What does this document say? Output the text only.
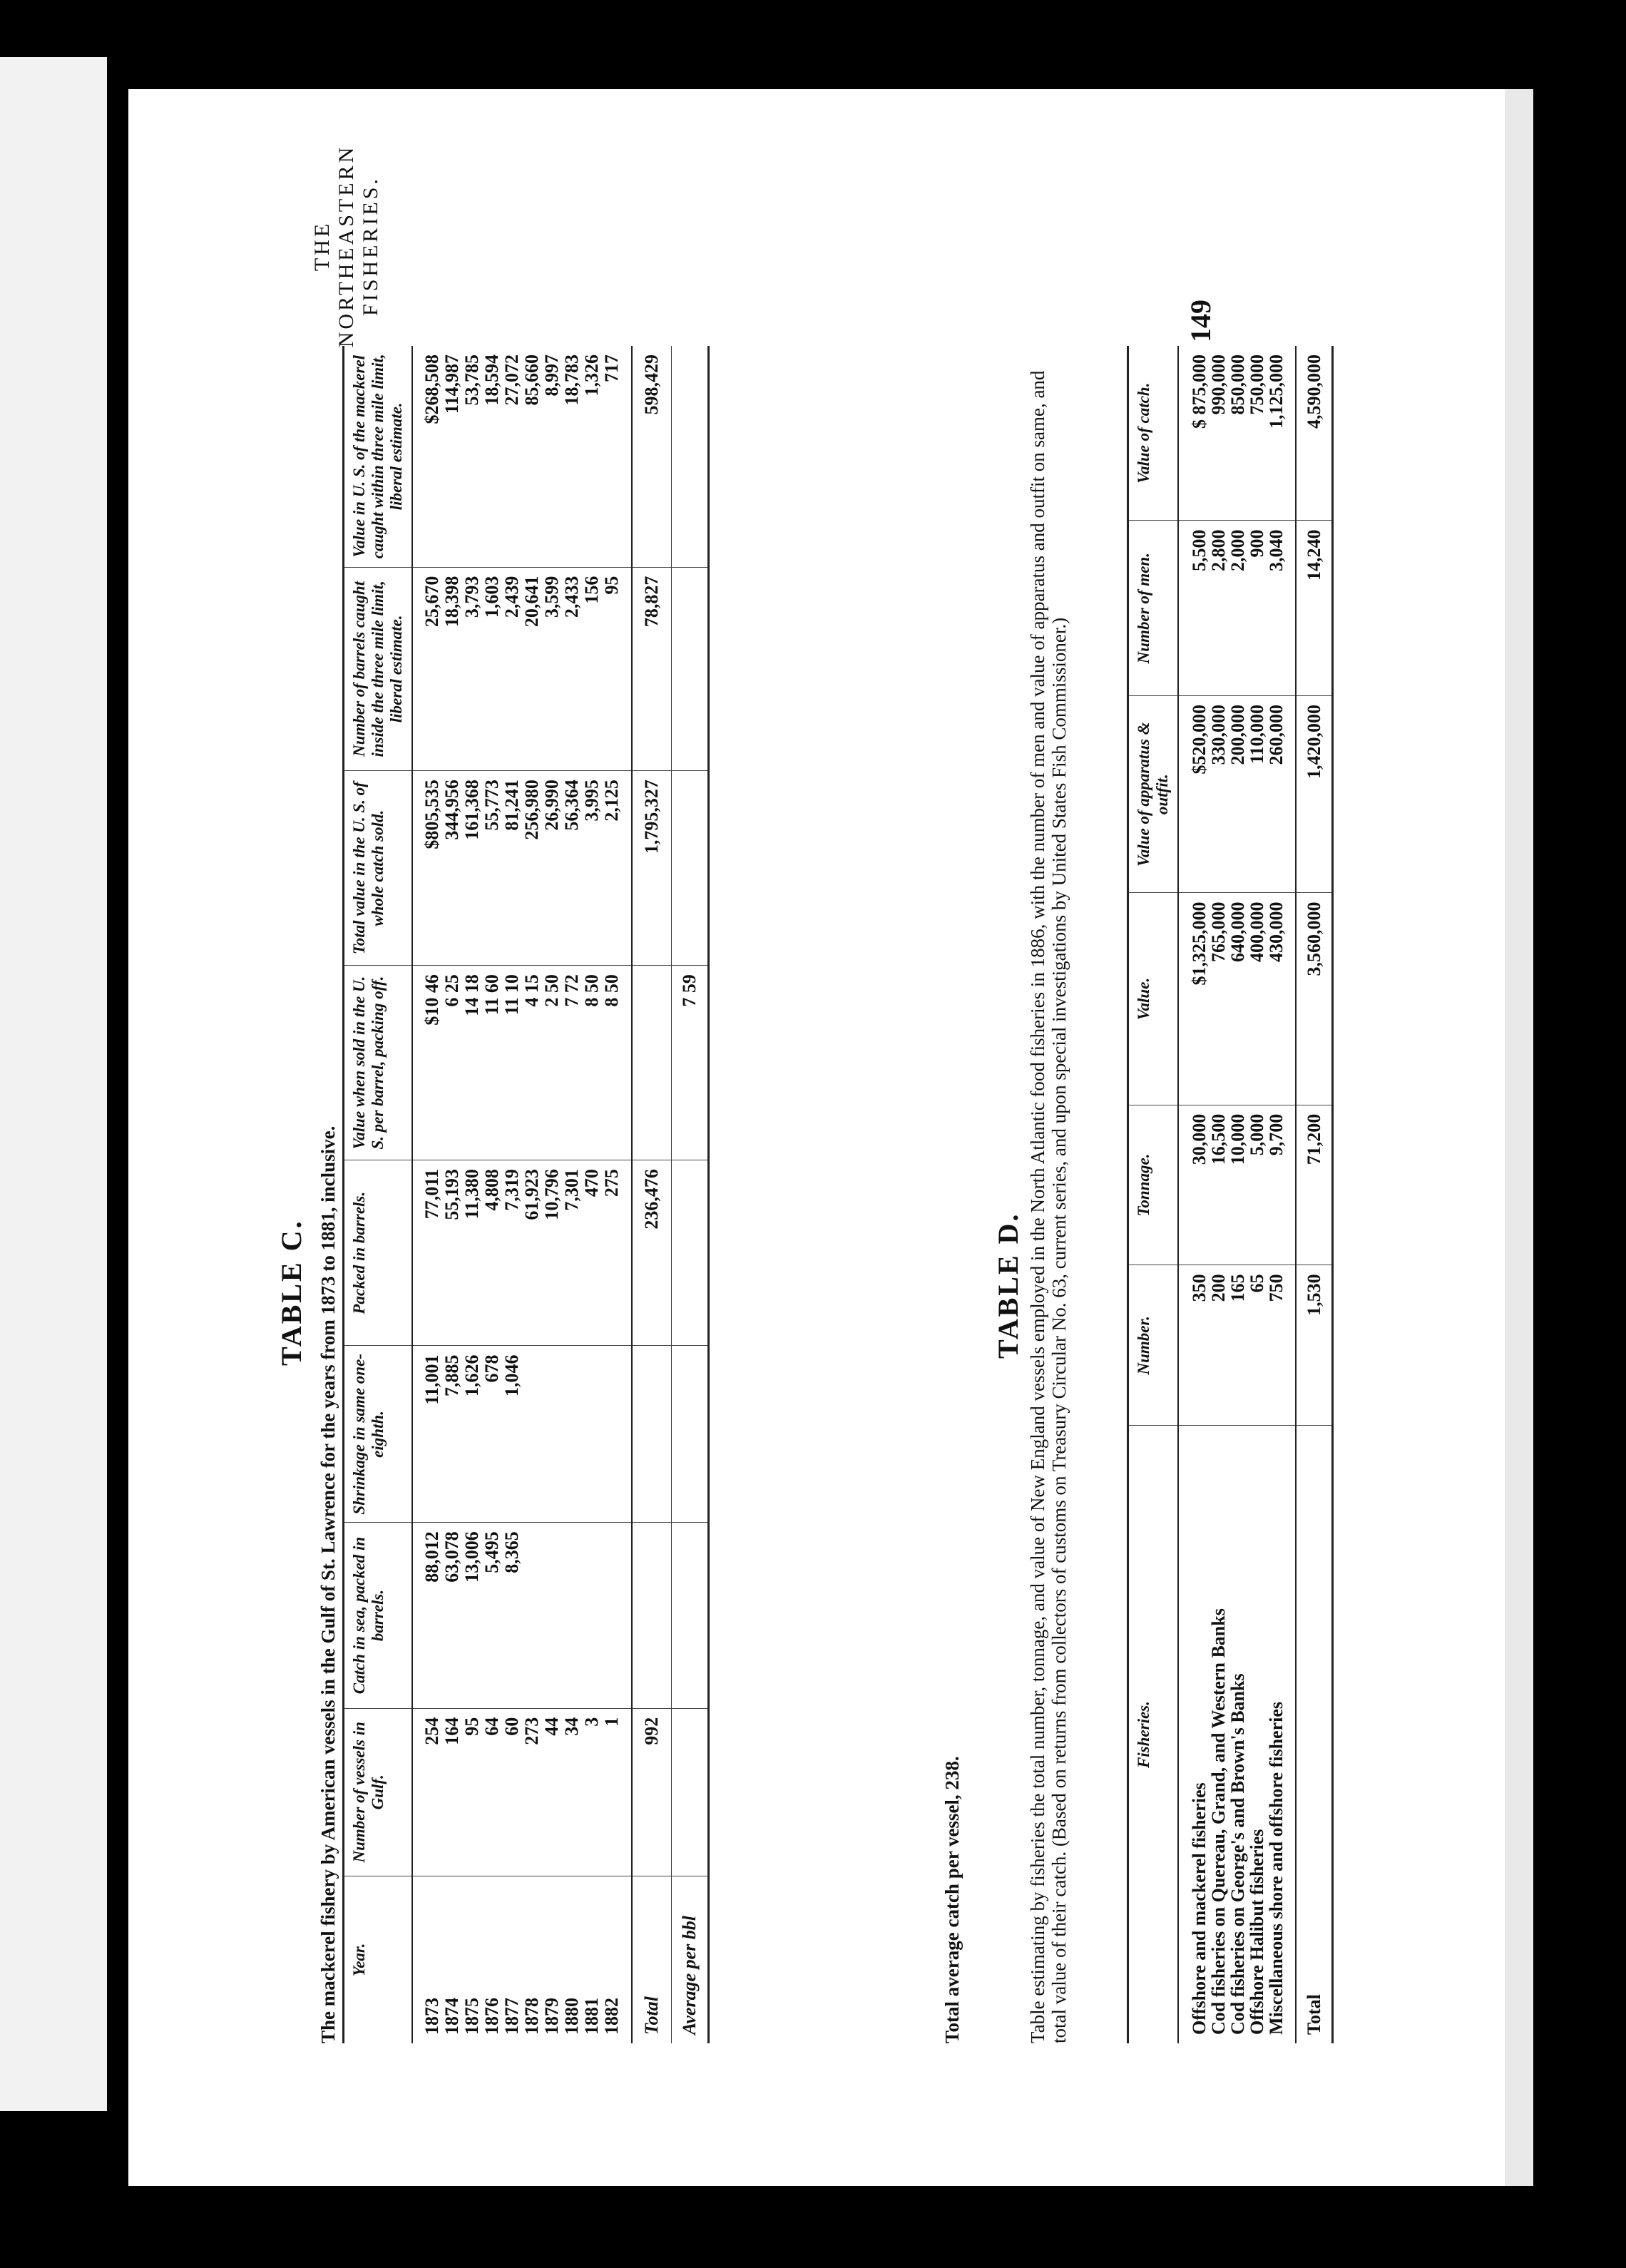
THE NORTHEASTERN FISHERIES.
149
TABLE C. The mackerel fishery by American vessels in the Gulf of St. Lawrence for the years from 1873 to 1881, inclusive. Year.	Number of vessels in Gulf.	Catch in sea, packed in barrels.	Shrinkage in same one-eighth.	Packed in barrels.	Value when sold in the U. S. per barrel, packing off.	Total value in the U. S. of whole catch sold.	Number of barrels caught inside the three mile limit, liberal estimate.	Value in U. S. of the mackerel caught within three mile limit, liberal estimate.
1873	254	88,012	11,001	77,011	$10 46	$805,535	25,670	$268,508
1874	164	63,078	7,885	55,193	6 25	344,956	18,398	114,987
1875	95	13,006	1,626	11,380	14 18	161,368	3,793	53,785
1876	64	5,495	678	4,808	11 60	55,773	1,603	18,594
1877	60	8,365	1,046	7,319	11 10	81,241	2,439	27,072
1878	273			61,923	4 15	256,980	20,641	85,660
1879	44			10,796	2 50	26,990	3,599	8,997
1880	34			7,301	7 72	56,364	2,433	18,783
1881	3			470	8 50	3,995	156	1,326
1882	1			275	8 50	2,125	95	717
Total	992			236,476		1,795,327	78,827	598,429
Average per bbl					7 59			
Total average catch per vessel, 238.
TABLE D. Table estimating by fisheries the total number, tonnage, and value of New England vessels employed in the North Atlantic food fisheries in 1886, with the number of men and value of apparatus and outfit on same, and total value of their catch. (Based on returns from collectors of customs on Treasury Circular No. 63, current series, and upon special investigations by United States Fish Commissioner.)	Fisheries.	Number.	Tonnage.	Value.	Value of apparatus & outfit.	Number of men.	Value of catch.
Offshore and mackerel fisheries	350	30,000	$1,325,000	$520,000	5,500	$ 875,000
Cod fisheries on Quereau, Grand, and Western Banks	200	16,500	765,000	330,000	2,800	990,000
Cod fisheries on George's and Brown's Banks	165	10,000	640,000	200,000	2,000	850,000
Offshore Halibut fisheries	65	5,000	400,000	110,000	900	750,000
Miscellaneous shore and offshore fisheries	750	9,700	430,000	260,000	3,040	1,125,000
Total	1,530	71,200	3,560,000	1,420,000	14,240	4,590,000
